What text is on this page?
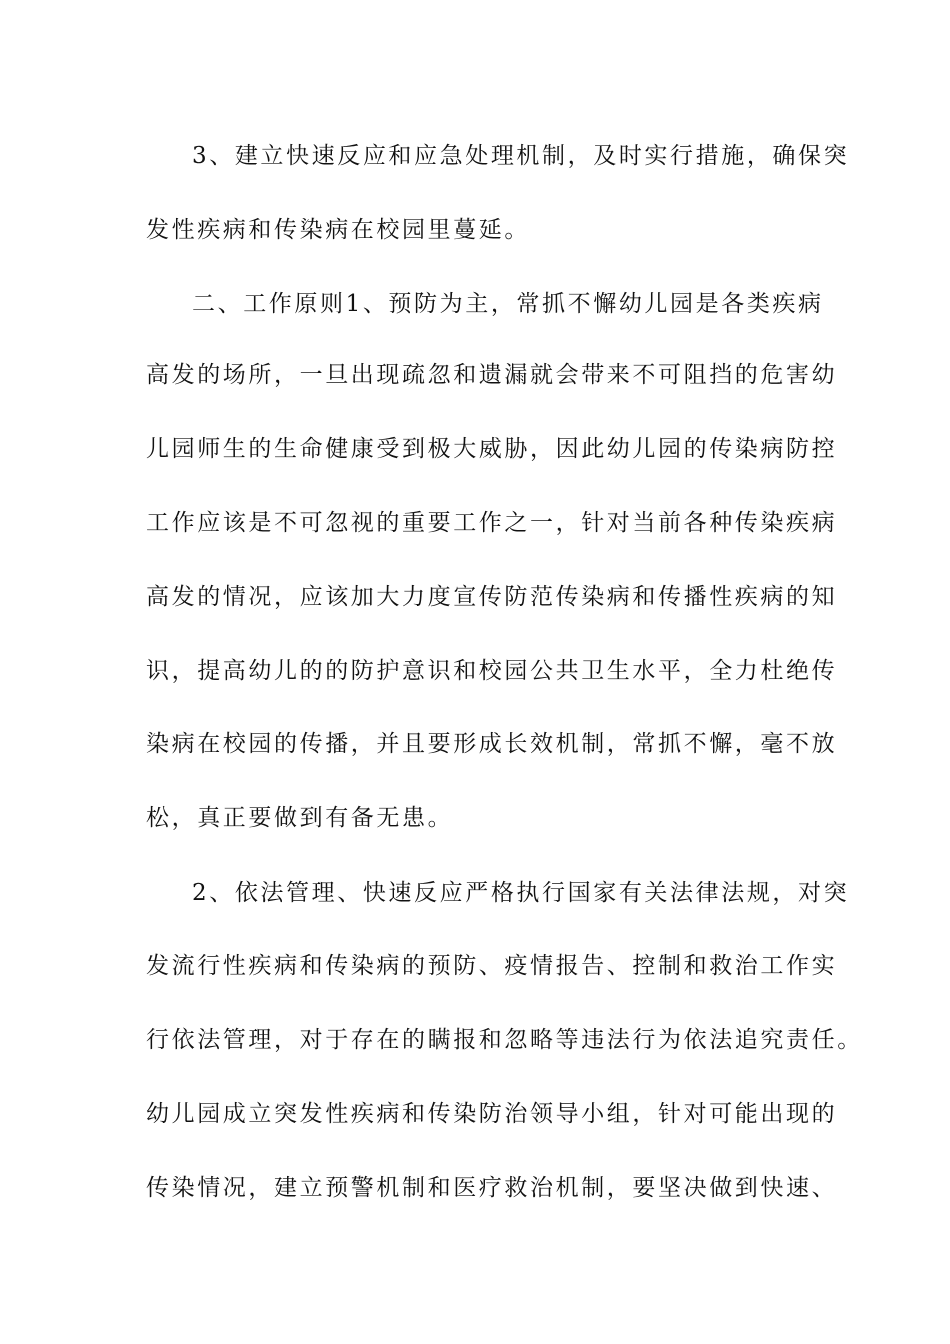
3、建立快速反应和应急处理机制，及时实行措施，确保突
发性疾病和传染病在校园里蔓延。
二、工作原则1、预防为主，常抓不懈幼儿园是各类疾病
高发的场所，一旦出现疏忽和遗漏就会带来不可阻挡的危害幼
儿园师生的生命健康受到极大威胁，因此幼儿园的传染病防控
工作应该是不可忽视的重要工作之一，针对当前各种传染疾病
高发的情况，应该加大力度宣传防范传染病和传播性疾病的知
识，提高幼儿的的防护意识和校园公共卫生水平，全力杜绝传
染病在校园的传播，并且要形成长效机制，常抓不懈，毫不放
松，真正要做到有备无患。
2、依法管理、快速反应严格执行国家有关法律法规，对突
发流行性疾病和传染病的预防、疫情报告、控制和救治工作实
行依法管理，对于存在的瞒报和忽略等违法行为依法追究责任。
幼儿园成立突发性疾病和传染防治领导小组，针对可能出现的
传染情况，建立预警机制和医疗救治机制，要坚决做到快速、
